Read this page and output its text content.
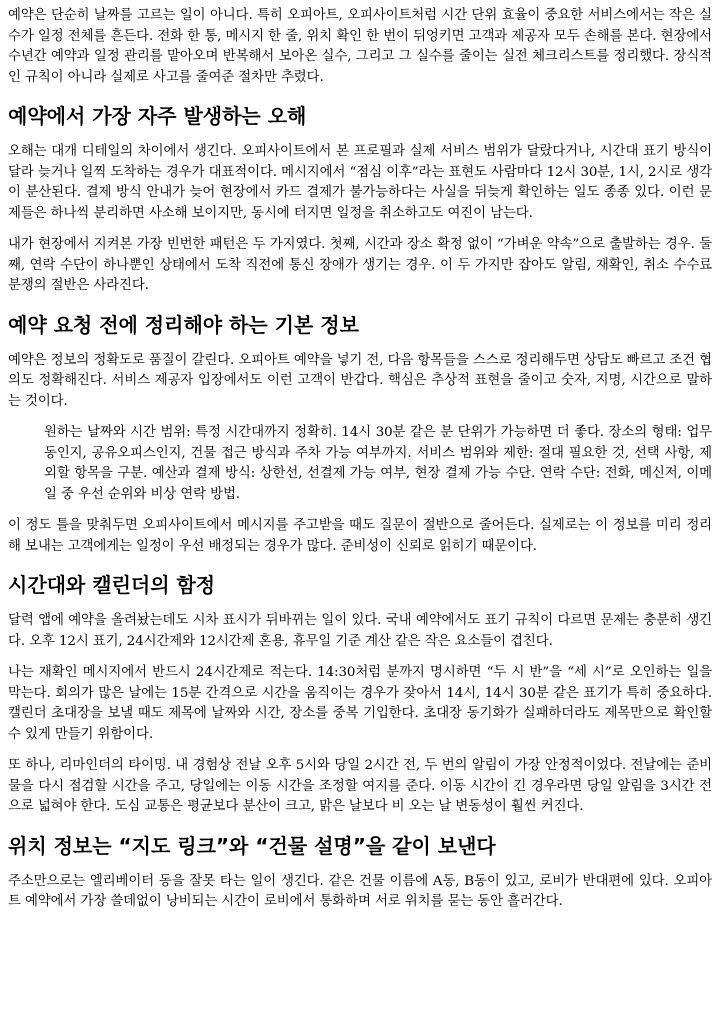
예약은 단순히 날짜를 고르는 일이 아니다. 특히 오피아트, 오피사이트처럼 시간 단위 효율이 중요한 서비스에서는 작은 실수가 일정 전체를 흔든다. 전화 한 통, 메시지 한 줄, 위치 확인 한 번이 뒤엉키면 고객과 제공자 모두 손해를 본다. 현장에서 수년간 예약과 일정 관리를 맡아오며 반복해서 보아온 실수, 그리고 그 실수를 줄이는 실전 체크리스트를 정리했다. 장식적인 규칙이 아니라 실제로 사고를 줄여준 절차만 추렸다.

예약에서 가장 자주 발생하는 오해

오해는 대개 디테일의 차이에서 생긴다. 오피사이트에서 본 프로필과 실제 서비스 범위가 달랐다거나, 시간대 표기 방식이 달라 늦거나 일찍 도착하는 경우가 대표적이다. 메시지에서 “점심 이후”라는 표현도 사람마다 12시 30분, 1시, 2시로 생각이 분산된다. 결제 방식 안내가 늦어 현장에서 카드 결제가 불가능하다는 사실을 뒤늦게 확인하는 일도 종종 있다. 이런 문제들은 하나씩 분리하면 사소해 보이지만, 동시에 터지면 일정을 취소하고도 여진이 남는다.

내가 현장에서 지켜본 가장 빈번한 패턴은 두 가지였다. 첫째, 시간과 장소 확정 없이 “가벼운 약속”으로 출발하는 경우. 둘째, 연락 수단이 하나뿐인 상태에서 도착 직전에 통신 장애가 생기는 경우. 이 두 가지만 잡아도 알림, 재확인, 취소 수수료 분쟁의 절반은 사라진다.

예약 요청 전에 정리해야 하는 기본 정보

예약은 정보의 정확도로 품질이 갈린다. 오피아트 예약을 넣기 전, 다음 항목들을 스스로 정리해두면 상담도 빠르고 조건 협의도 정확해진다. 서비스 제공자 입장에서도 이런 고객이 반갑다. 핵심은 추상적 표현을 줄이고 숫자, 지명, 시간으로 말하는 것이다.

원하는 날짜와 시간 범위: 특정 시간대까지 정확히. 14시 30분 같은 분 단위가 가능하면 더 좋다. 장소의 형태: 업무동인지, 공유오피스인지, 건물 접근 방식과 주차 가능 여부까지. 서비스 범위와 제한: 절대 필요한 것, 선택 사항, 제외할 항목을 구분. 예산과 결제 방식: 상한선, 선결제 가능 여부, 현장 결제 가능 수단. 연락 수단: 전화, 메신저, 이메일 중 우선 순위와 비상 연락 방법.

이 정도 틀을 맞춰두면 오피사이트에서 메시지를 주고받을 때도 질문이 절반으로 줄어든다. 실제로는 이 정보를 미리 정리해 보내는 고객에게는 일정이 우선 배정되는 경우가 많다. 준비성이 신뢰로 읽히기 때문이다.

시간대와 캘린더의 함정

달력 앱에 예약을 올려놨는데도 시차 표시가 뒤바뀌는 일이 있다. 국내 예약에서도 표기 규칙이 다르면 문제는 충분히 생긴다. 오후 12시 표기, 24시간제와 12시간제 혼용, 휴무일 기준 계산 같은 작은 요소들이 겹친다.

나는 재확인 메시지에서 반드시 24시간제로 적는다. 14:30처럼 분까지 명시하면 “두 시 반”을 “세 시”로 오인하는 일을 막는다. 회의가 많은 날에는 15분 간격으로 시간을 움직이는 경우가 잦아서 14시, 14시 30분 같은 표기가 특히 중요하다. 캘린더 초대장을 보낼 때도 제목에 날짜와 시간, 장소를 중복 기입한다. 초대장 동기화가 실패하더라도 제목만으로 확인할 수 있게 만들기 위함이다.

또 하나, 리마인더의 타이밍. 내 경험상 전날 오후 5시와 당일 2시간 전, 두 번의 알림이 가장 안정적이었다. 전날에는 준비물을 다시 점검할 시간을 주고, 당일에는 이동 시간을 조정할 여지를 준다. 이동 시간이 긴 경우라면 당일 알림을 3시간 전으로 넓혀야 한다. 도심 교통은 평균보다 분산이 크고, 맑은 날보다 비 오는 날 변동성이 훨씬 커진다.

위치 정보는 “지도 링크”와 “건물 설명”을 같이 보낸다

주소만으로는 엘리베이터 동을 잘못 타는 일이 생긴다. 같은 건물 이름에 A동, B동이 있고, 로비가 반대편에 있다. 오피아트 예약에서 가장 쓸데없이 낭비되는 시간이 로비에서 통화하며 서로 위치를 묻는 동안 흘러간다.
